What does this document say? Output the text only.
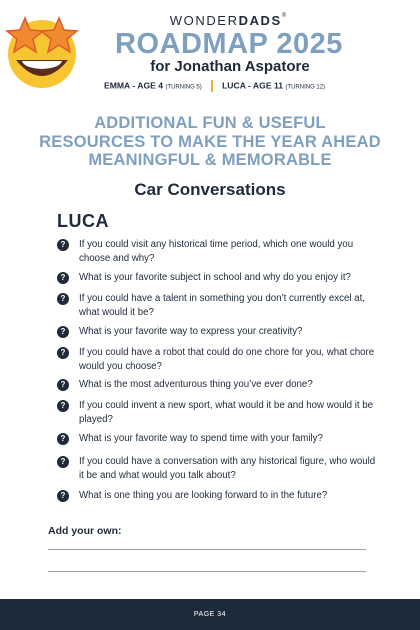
WONDERDADS®
ROADMAP 2025
for Jonathan Aspatore
EMMA - AGE 4 (TURNING 5) LUCA - AGE 11 (TURNING 12)
ADDITIONAL FUN & USEFUL
RESOURCES TO MAKE THE YEAR AHEAD
MEANINGFUL & MEMORABLE
Car Conversations
LUCA
?	If you could visit any historical time period, which one would you choose and why?
?	What is your favorite subject in school and why do you enjoy it?
?	If you could have a talent in something you don’t currently excel at, what would it be?
?	What is your favorite way to express your creativity?
?	If you could have a robot that could do one chore for you, what chore would you choose?
?	What is the most adventurous thing you’ve ever done?
?	If you could invent a new sport, what would it be and how would it be played?
?	What is your favorite way to spend time with your family?
?	If you could have a conversation with any historical figure, who would it be and what would you talk about?
?	What is one thing you are looking forward to in the future?
Add your own:
PAGE 34
